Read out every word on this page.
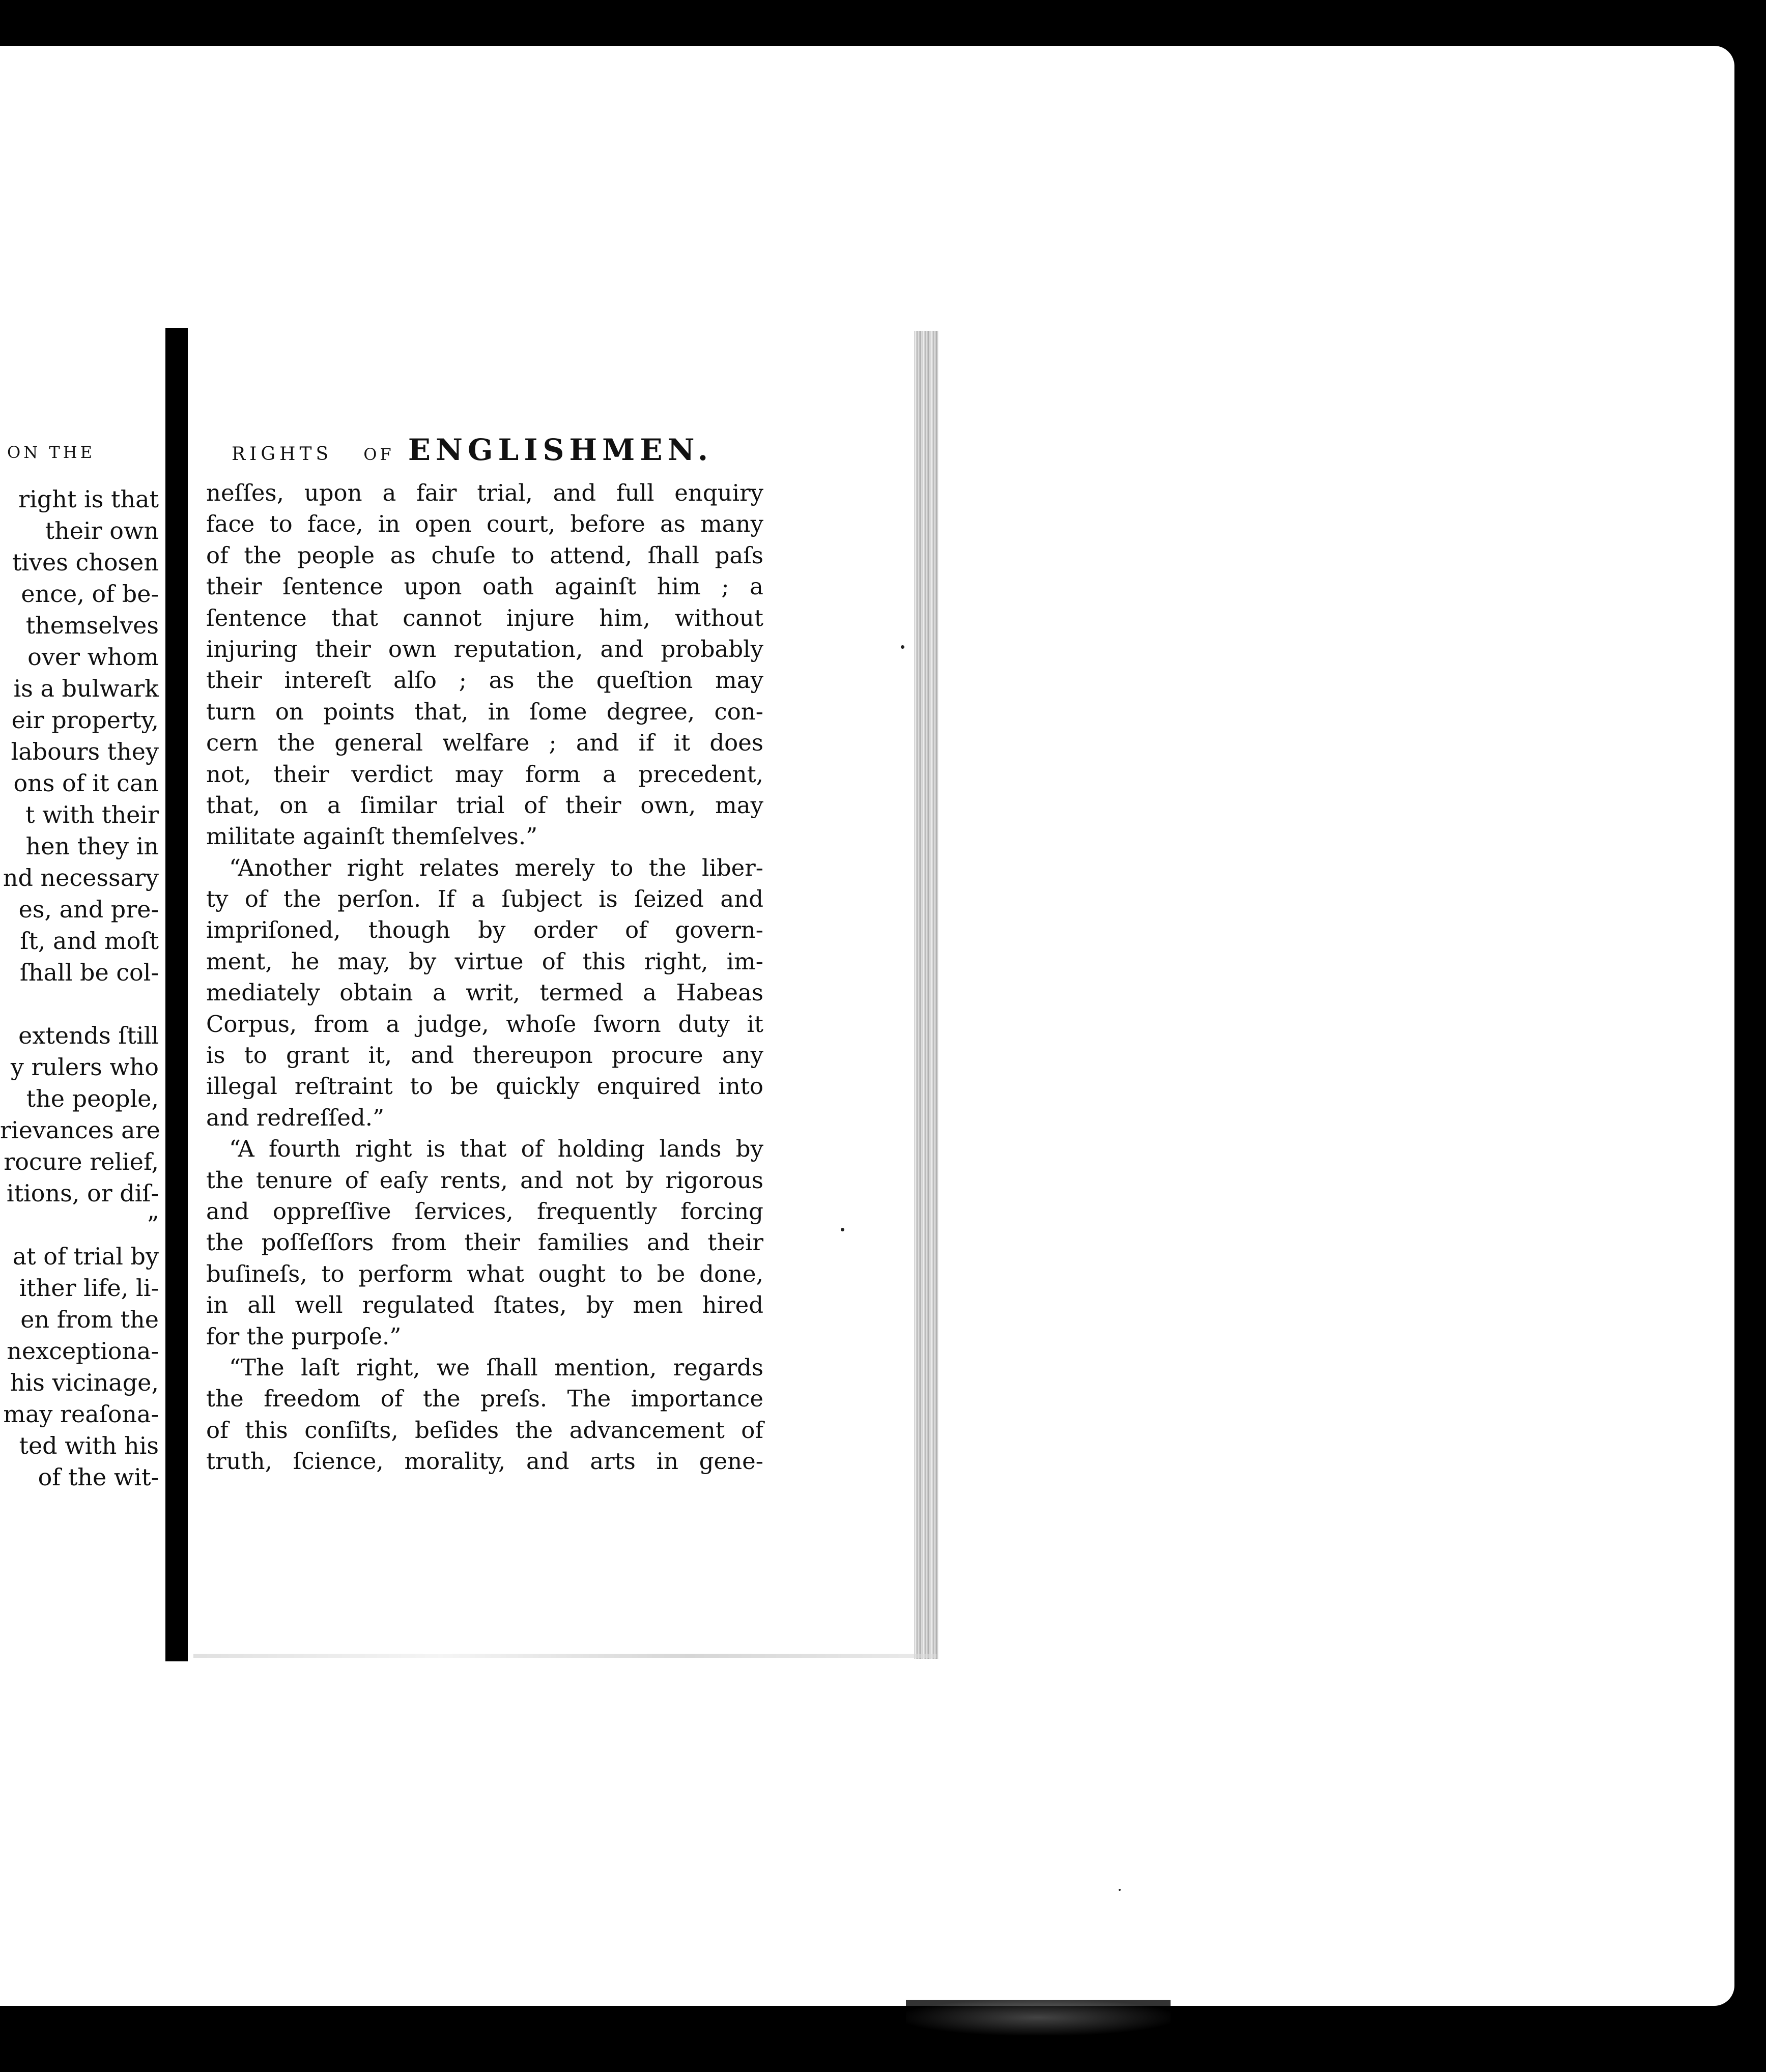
ON THE
right is that
their own
tives chosen
ence, of be-
themselves
over whom
is a bulwark
eir property,
labours they
ons of it can
t with their
hen they in
nd necessary
es, and pre-
ſt, and moſt
ſhall be col-
extends ſtill
y rulers who
the people,
rievances are
rocure relief,
itions, or diſ-
”
at of trial by
ither life, li-
en from the
nexceptiona-
his vicinage,
may reaſona-
ted with his
of the wit-
RIGHTS OF ENGLISHMEN.
neſſes, upon a fair trial, and full enquiry
face to face, in open court, before as many
of the people as chuſe to attend, ſhall paſs
their ſentence upon oath againſt him ; a
ſentence that cannot injure him, without
injuring their own reputation, and probably
their intereſt alſo ; as the queſtion may
turn on points that, in ſome degree, con-
cern the general welfare ; and if it does
not, their verdict may form a precedent,
that, on a ſimilar trial of their own, may
militate againſt themſelves.”
“Another right relates merely to the liber-
ty of the perſon. If a ſubject is ſeized and
impriſoned, though by order of govern-
ment, he may, by virtue of this right, im-
mediately obtain a writ, termed a Habeas
Corpus, from a judge, whoſe ſworn duty it
is to grant it, and thereupon procure any
illegal reſtraint to be quickly enquired into
and redreſſed.”
“A fourth right is that of holding lands by
the tenure of eaſy rents, and not by rigorous
and oppreſſive ſervices, frequently forcing
the poſſeſſors from their families and their
buſineſs, to perform what ought to be done,
in all well regulated ſtates, by men hired
for the purpoſe.”
“The laſt right, we ſhall mention, regards
the freedom of the preſs. The importance
of this conſiſts, beſides the advancement of
truth, ſcience, morality, and arts in gene-
